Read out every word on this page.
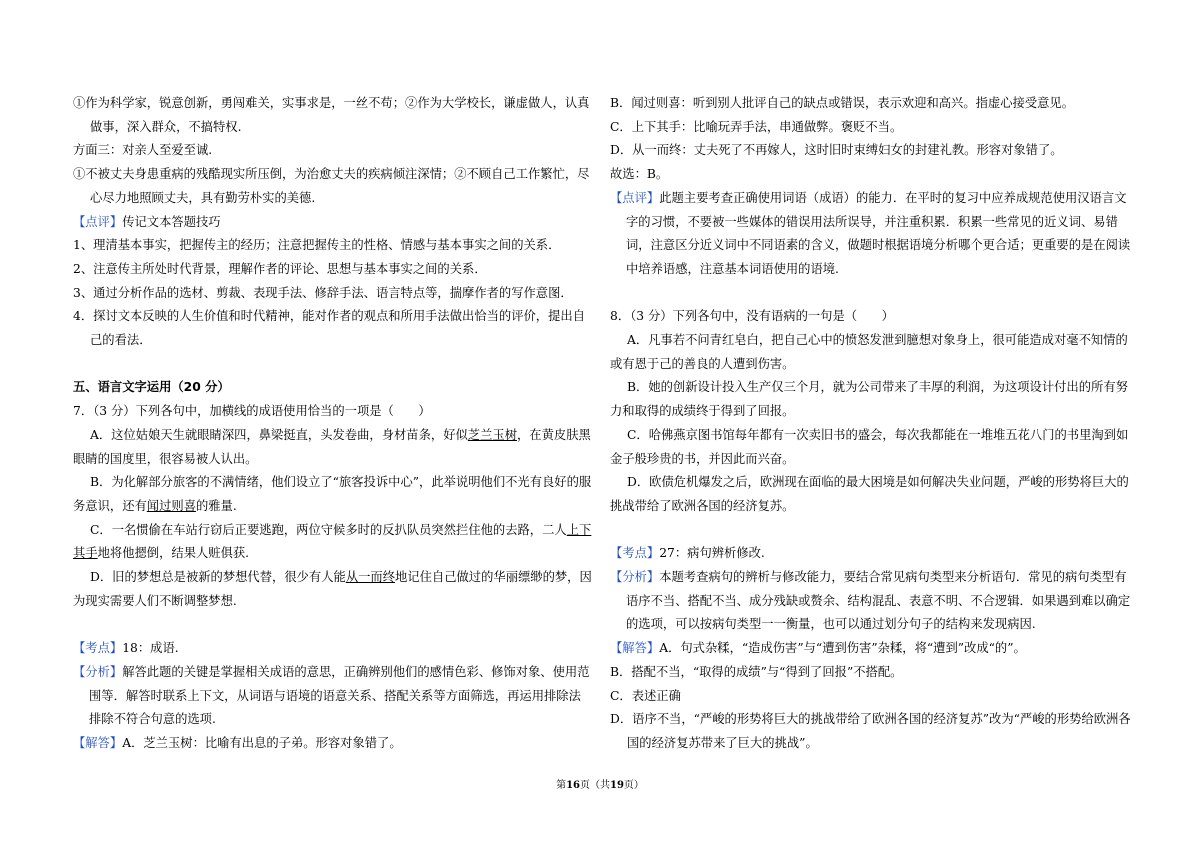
①作为科学家，锐意创新，勇闯难关，实事求是，一丝不苟；②作为大学校长，谦虚做人，认真做事，深入群众，不搞特权.

方面三：对亲人至爱至诚.

①不被丈夫身患重病的残酷现实所压倒，为治愈丈夫的疾病倾注深情；②不顾自己工作繁忙，尽心尽力地照顾丈夫，具有勤劳朴实的美德.

【点评】传记文本答题技巧

1、理清基本事实，把握传主的经历；注意把握传主的性格、情感与基本事实之间的关系．

2、注意传主所处时代背景，理解作者的评论、思想与基本事实之间的关系．

3、通过分析作品的选材、剪裁、表现手法、修辞手法、语言特点等，揣摩作者的写作意图．

4．探讨文本反映的人生价值和时代精神，能对作者的观点和所用手法做出恰当的评价，提出自己的看法．

五、语言文字运用（20 分）

7．（3 分）下列各句中，加横线的成语使用恰当的一项是（　　）

A．这位姑娘天生就眼睛深四，鼻梁挺直，头发卷曲，身材苗条，好似芝兰玉树，在黄皮肤黑眼睛的国度里，很容易被人认出。

B．为化解部分旅客的不满情绪，他们设立了“旅客投诉中心”，此举说明他们不光有良好的服务意识，还有闻过则喜的雅量.

C．一名惯偷在车站行窃后正要逃跑，两位守候多时的反扒队员突然拦住他的去路，二人上下其手地将他摁倒，结果人赃俱获.

D．旧的梦想总是被新的梦想代替，很少有人能从一而终地记住自己做过的华丽缥缈的梦，因为现实需要人们不断调整梦想.

【考点】18：成语.

【分析】解答此题的关键是掌握相关成语的意思，正确辨别他们的感情色彩、修饰对象、使用范围等．解答时联系上下文，从词语与语境的语意关系、搭配关系等方面筛选，再运用排除法排除不符合句意的选项.

【解答】A．芝兰玉树：比喻有出息的子弟。形容对象错了。

B．闻过则喜：听到别人批评自己的缺点或错误，表示欢迎和高兴。指虚心接受意见。

C．上下其手：比喻玩弄手法，串通做弊。褒贬不当。

D．从一而终：丈夫死了不再嫁人，这时旧时束缚妇女的封建礼教。形容对象错了。

故选：B。

【点评】此题主要考查正确使用词语（成语）的能力．在平时的复习中应养成规范使用汉语言文字的习惯，不要被一些媒体的错误用法所误导，并注重积累．积累一些常见的近义词、易错词，注意区分近义词中不同语素的含义，做题时根据语境分析哪个更合适；更重要的是在阅读中培养语感，注意基本词语使用的语境.

8．（3 分）下列各句中，没有语病的一句是（　　）

A．凡事若不问青红皂白，把自己心中的愤怒发泄到臆想对象身上，很可能造成对毫不知情的或有恩于己的善良的人遭到伤害。

B．她的创新设计投入生产仅三个月，就为公司带来了丰厚的利润，为这项设计付出的所有努力和取得的成绩终于得到了回报。

C．哈佛燕京图书馆每年都有一次卖旧书的盛会，每次我都能在一堆堆五花八门的书里淘到如金子般珍贵的书，并因此而兴奋。

D．欧债危机爆发之后，欧洲现在面临的最大困境是如何解决失业问题，严峻的形势将巨大的挑战带给了欧洲各国的经济复苏。

【考点】27：病句辨析修改.

【分析】本题考查病句的辨析与修改能力，要结合常见病句类型来分析语句．常见的病句类型有语序不当、搭配不当、成分残缺或赘余、结构混乱、表意不明、不合逻辑．如果遇到难以确定的选项，可以按病句类型一一衡量，也可以通过划分句子的结构来发现病因.

【解答】A．句式杂糅，“造成伤害”与“遭到伤害”杂糅，将“遭到”改成“的”。

B．搭配不当，“取得的成绩”与“得到了回报”不搭配。

C．表述正确

D．语序不当，“严峻的形势将巨大的挑战带给了欧洲各国的经济复苏”改为“严峻的形势给欧洲各国的经济复苏带来了巨大的挑战”。

第16页（共19页）
